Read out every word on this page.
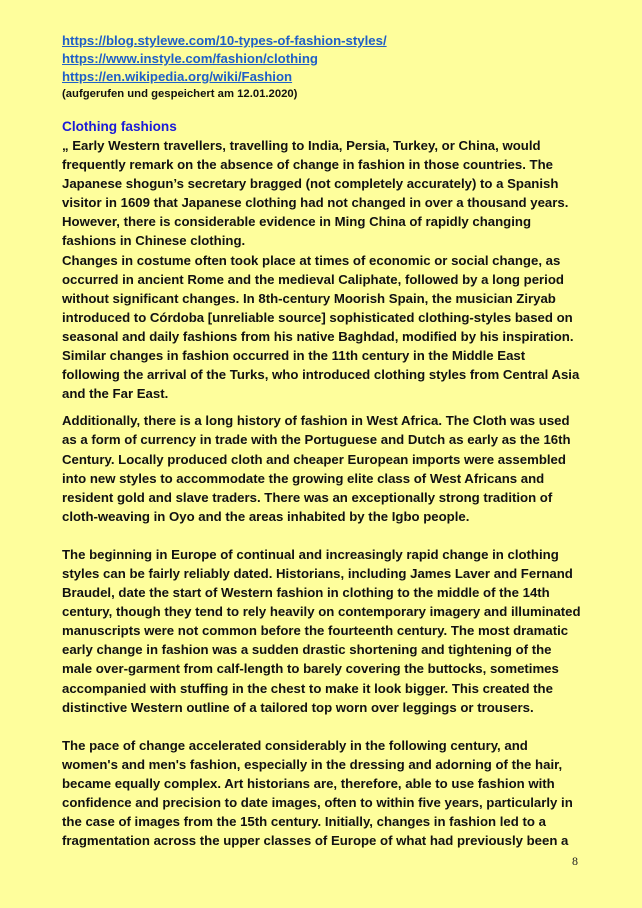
https://blog.stylewe.com/10-types-of-fashion-styles/
https://www.instyle.com/fashion/clothing
https://en.wikipedia.org/wiki/Fashion
(aufgerufen und gespeichert am 12.01.2020)
Clothing fashions

„ Early Western travellers, travelling to India, Persia, Turkey, or China, would frequently remark on the absence of change in fashion in those countries. The Japanese shogun’s secretary bragged (not completely accurately) to a Spanish visitor in 1609 that Japanese clothing had not changed in over a thousand years. However, there is considerable evidence in Ming China of rapidly changing fashions in Chinese clothing.

Changes in costume often took place at times of economic or social change, as occurred in ancient Rome and the medieval Caliphate, followed by a long period without significant changes. In 8th-century Moorish Spain, the musician Ziryab introduced to Córdoba [unreliable source] sophisticated clothing-styles based on seasonal and daily fashions from his native Baghdad, modified by his inspiration. Similar changes in fashion occurred in the 11th century in the Middle East following the arrival of the Turks, who introduced clothing styles from Central Asia and the Far East.

Additionally, there is a long history of fashion in West Africa. The Cloth was used as a form of currency in trade with the Portuguese and Dutch as early as the 16th Century. Locally produced cloth and cheaper European imports were assembled into new styles to accommodate the growing elite class of West Africans and resident gold and slave traders. There was an exceptionally strong tradition of cloth-weaving in Oyo and the areas inhabited by the Igbo people.

The beginning in Europe of continual and increasingly rapid change in clothing styles can be fairly reliably dated. Historians, including James Laver and Fernand Braudel, date the start of Western fashion in clothing to the middle of the 14th century, though they tend to rely heavily on contemporary imagery and illuminated manuscripts were not common before the fourteenth century. The most dramatic early change in fashion was a sudden drastic shortening and tightening of the male over-garment from calf-length to barely covering the buttocks, sometimes accompanied with stuffing in the chest to make it look bigger. This created the distinctive Western outline of a tailored top worn over leggings or trousers.

The pace of change accelerated considerably in the following century, and women's and men's fashion, especially in the dressing and adorning of the hair, became equally complex. Art historians are, therefore, able to use fashion with confidence and precision to date images, often to within five years, particularly in the case of images from the 15th century. Initially, changes in fashion led to a fragmentation across the upper classes of Europe of what had previously been a

8
